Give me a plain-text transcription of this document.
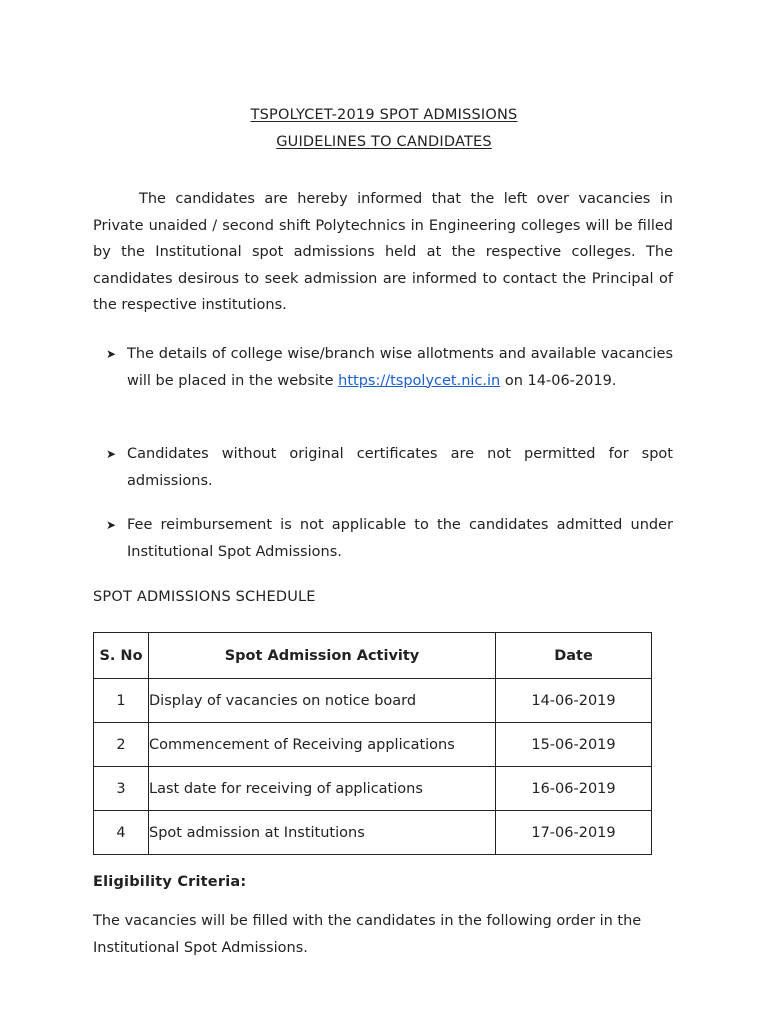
TSPOLYCET-2019 SPOT ADMISSIONS
GUIDELINES TO CANDIDATES
The candidates are hereby informed that the left over vacancies in Private unaided / second shift Polytechnics in Engineering colleges will be filled by the Institutional spot admissions held at the respective colleges. The candidates desirous to seek admission are informed to contact the Principal of the respective institutions.
➤ The details of college wise/branch wise allotments and available vacancies will be placed in the website https://tspolycet.nic.in on 14-06-2019.
➤ Candidates without original certificates are not permitted for spot admissions.
➤ Fee reimbursement is not applicable to the candidates admitted under Institutional Spot Admissions.
SPOT ADMISSIONS SCHEDULE
S. No	Spot Admission Activity	Date
1	Display of vacancies on notice board	14-06-2019
2	Commencement of Receiving applications	15-06-2019
3	Last date for receiving of applications	16-06-2019
4	Spot admission at Institutions	17-06-2019
Eligibility Criteria:
The vacancies will be filled with the candidates in the following order in the Institutional Spot Admissions.
